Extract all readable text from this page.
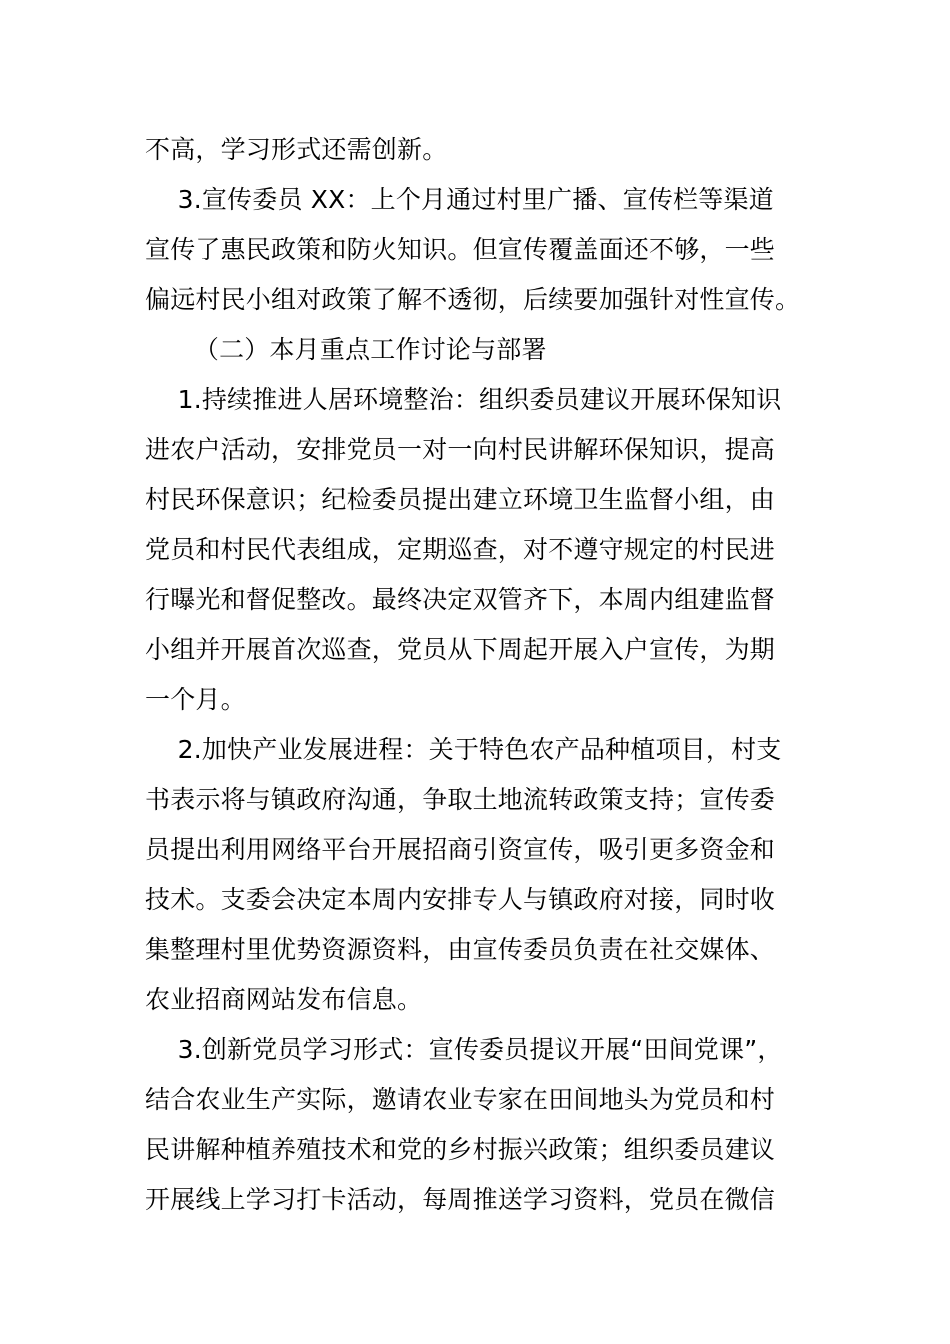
不高，学习形式还需创新。
3.宣传委员 XX：上个月通过村里广播、宣传栏等渠道
宣传了惠民政策和防火知识。但宣传覆盖面还不够，一些
偏远村民小组对政策了解不透彻，后续要加强针对性宣传。
（二）本月重点工作讨论与部署
1.持续推进人居环境整治：组织委员建议开展环保知识
进农户活动，安排党员一对一向村民讲解环保知识，提高
村民环保意识；纪检委员提出建立环境卫生监督小组，由
党员和村民代表组成，定期巡查，对不遵守规定的村民进
行曝光和督促整改。最终决定双管齐下，本周内组建监督
小组并开展首次巡查，党员从下周起开展入户宣传，为期
一个月。
2.加快产业发展进程：关于特色农产品种植项目，村支
书表示将与镇政府沟通，争取土地流转政策支持；宣传委
员提出利用网络平台开展招商引资宣传，吸引更多资金和
技术。支委会决定本周内安排专人与镇政府对接，同时收
集整理村里优势资源资料，由宣传委员负责在社交媒体、
农业招商网站发布信息。
3.创新党员学习形式：宣传委员提议开展“田间党课”，
结合农业生产实际，邀请农业专家在田间地头为党员和村
民讲解种植养殖技术和党的乡村振兴政策；组织委员建议
开展线上学习打卡活动，每周推送学习资料，党员在微信
